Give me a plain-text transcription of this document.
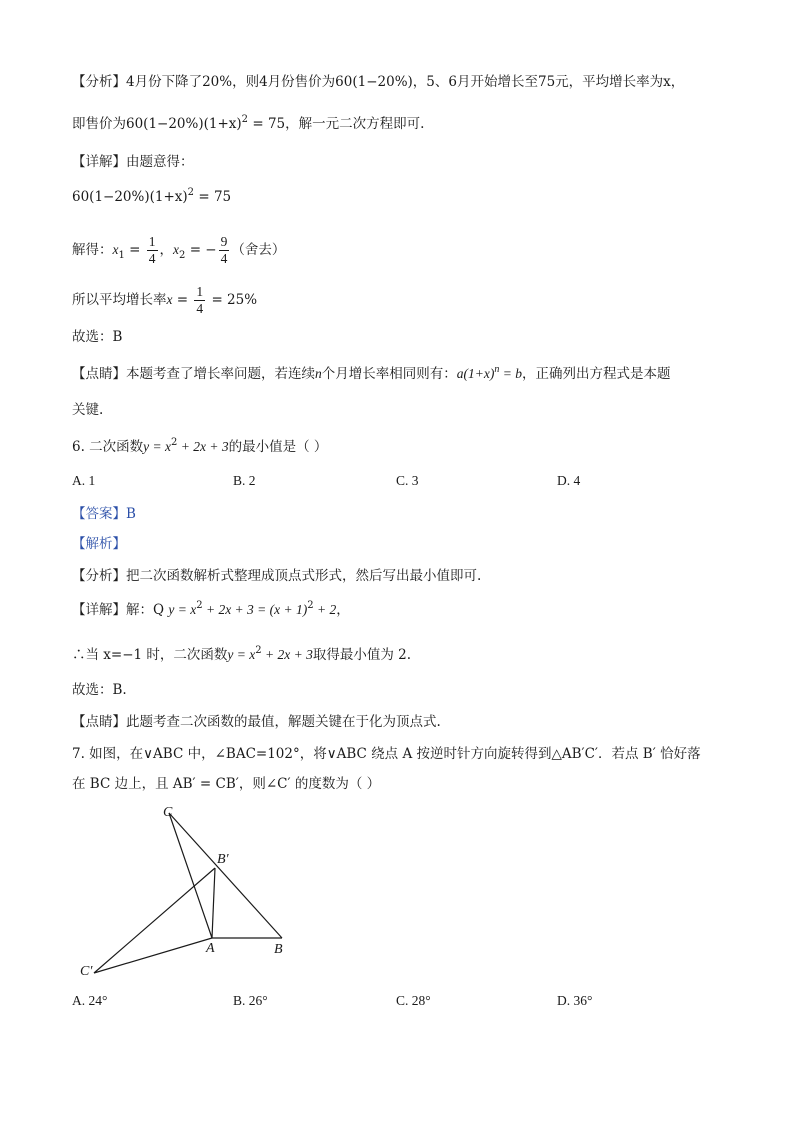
【分析】4月份下降了20%，则4月份售价为60(1−20%)，5、6月开始增长至75元，平均增长率为x，
即售价为$60(1-20\%)(1+x)^2 = 75$，解一元二次方程即可.
【详解】由题意得：
$60(1-20\%)(1+x)^2 = 75$
解得：$x_1 = \frac{1}{4}$ ，$x_2$ = − $\frac{9}{4}$ （舍去）
所以平均增长率$x = \frac{1}{4} = 25\%$
故选：B
【点睛】本题考查了增长率问题，若连续n个月增长率相同则有：$a(1+x)^n = b$，正确列出方程式是本题
关键.
6. 二次函数$y = x^2 + 2x + 3$的最小值是（ ）
A. 1	B. 2	C. 3	D. 4
【答案】B
【解析】
【分析】把二次函数解析式整理成顶点式形式，然后写出最小值即可.
【详解】解：Q $y = x^2 + 2x + 3 = (x + 1)^2 + 2$，
∴当 x=−1 时，二次函数$y = x^2 + 2x + 3$取得最小值为 2.
故选：B.
【点睛】此题考查二次函数的最值，解题关键在于化为顶点式.
7. 如图，在∨ABC 中，∠BAC=102°，将∨ABC 绕点 A 按逆时针方向旋转得到△AB′C′．若点 B′ 恰好落
在 BC 边上，且 AB′ = CB′，则∠C′ 的度数为（ ）
C
B′
A	B
C′
A. 24°	B. 26°	C. 28°	D. 36°
